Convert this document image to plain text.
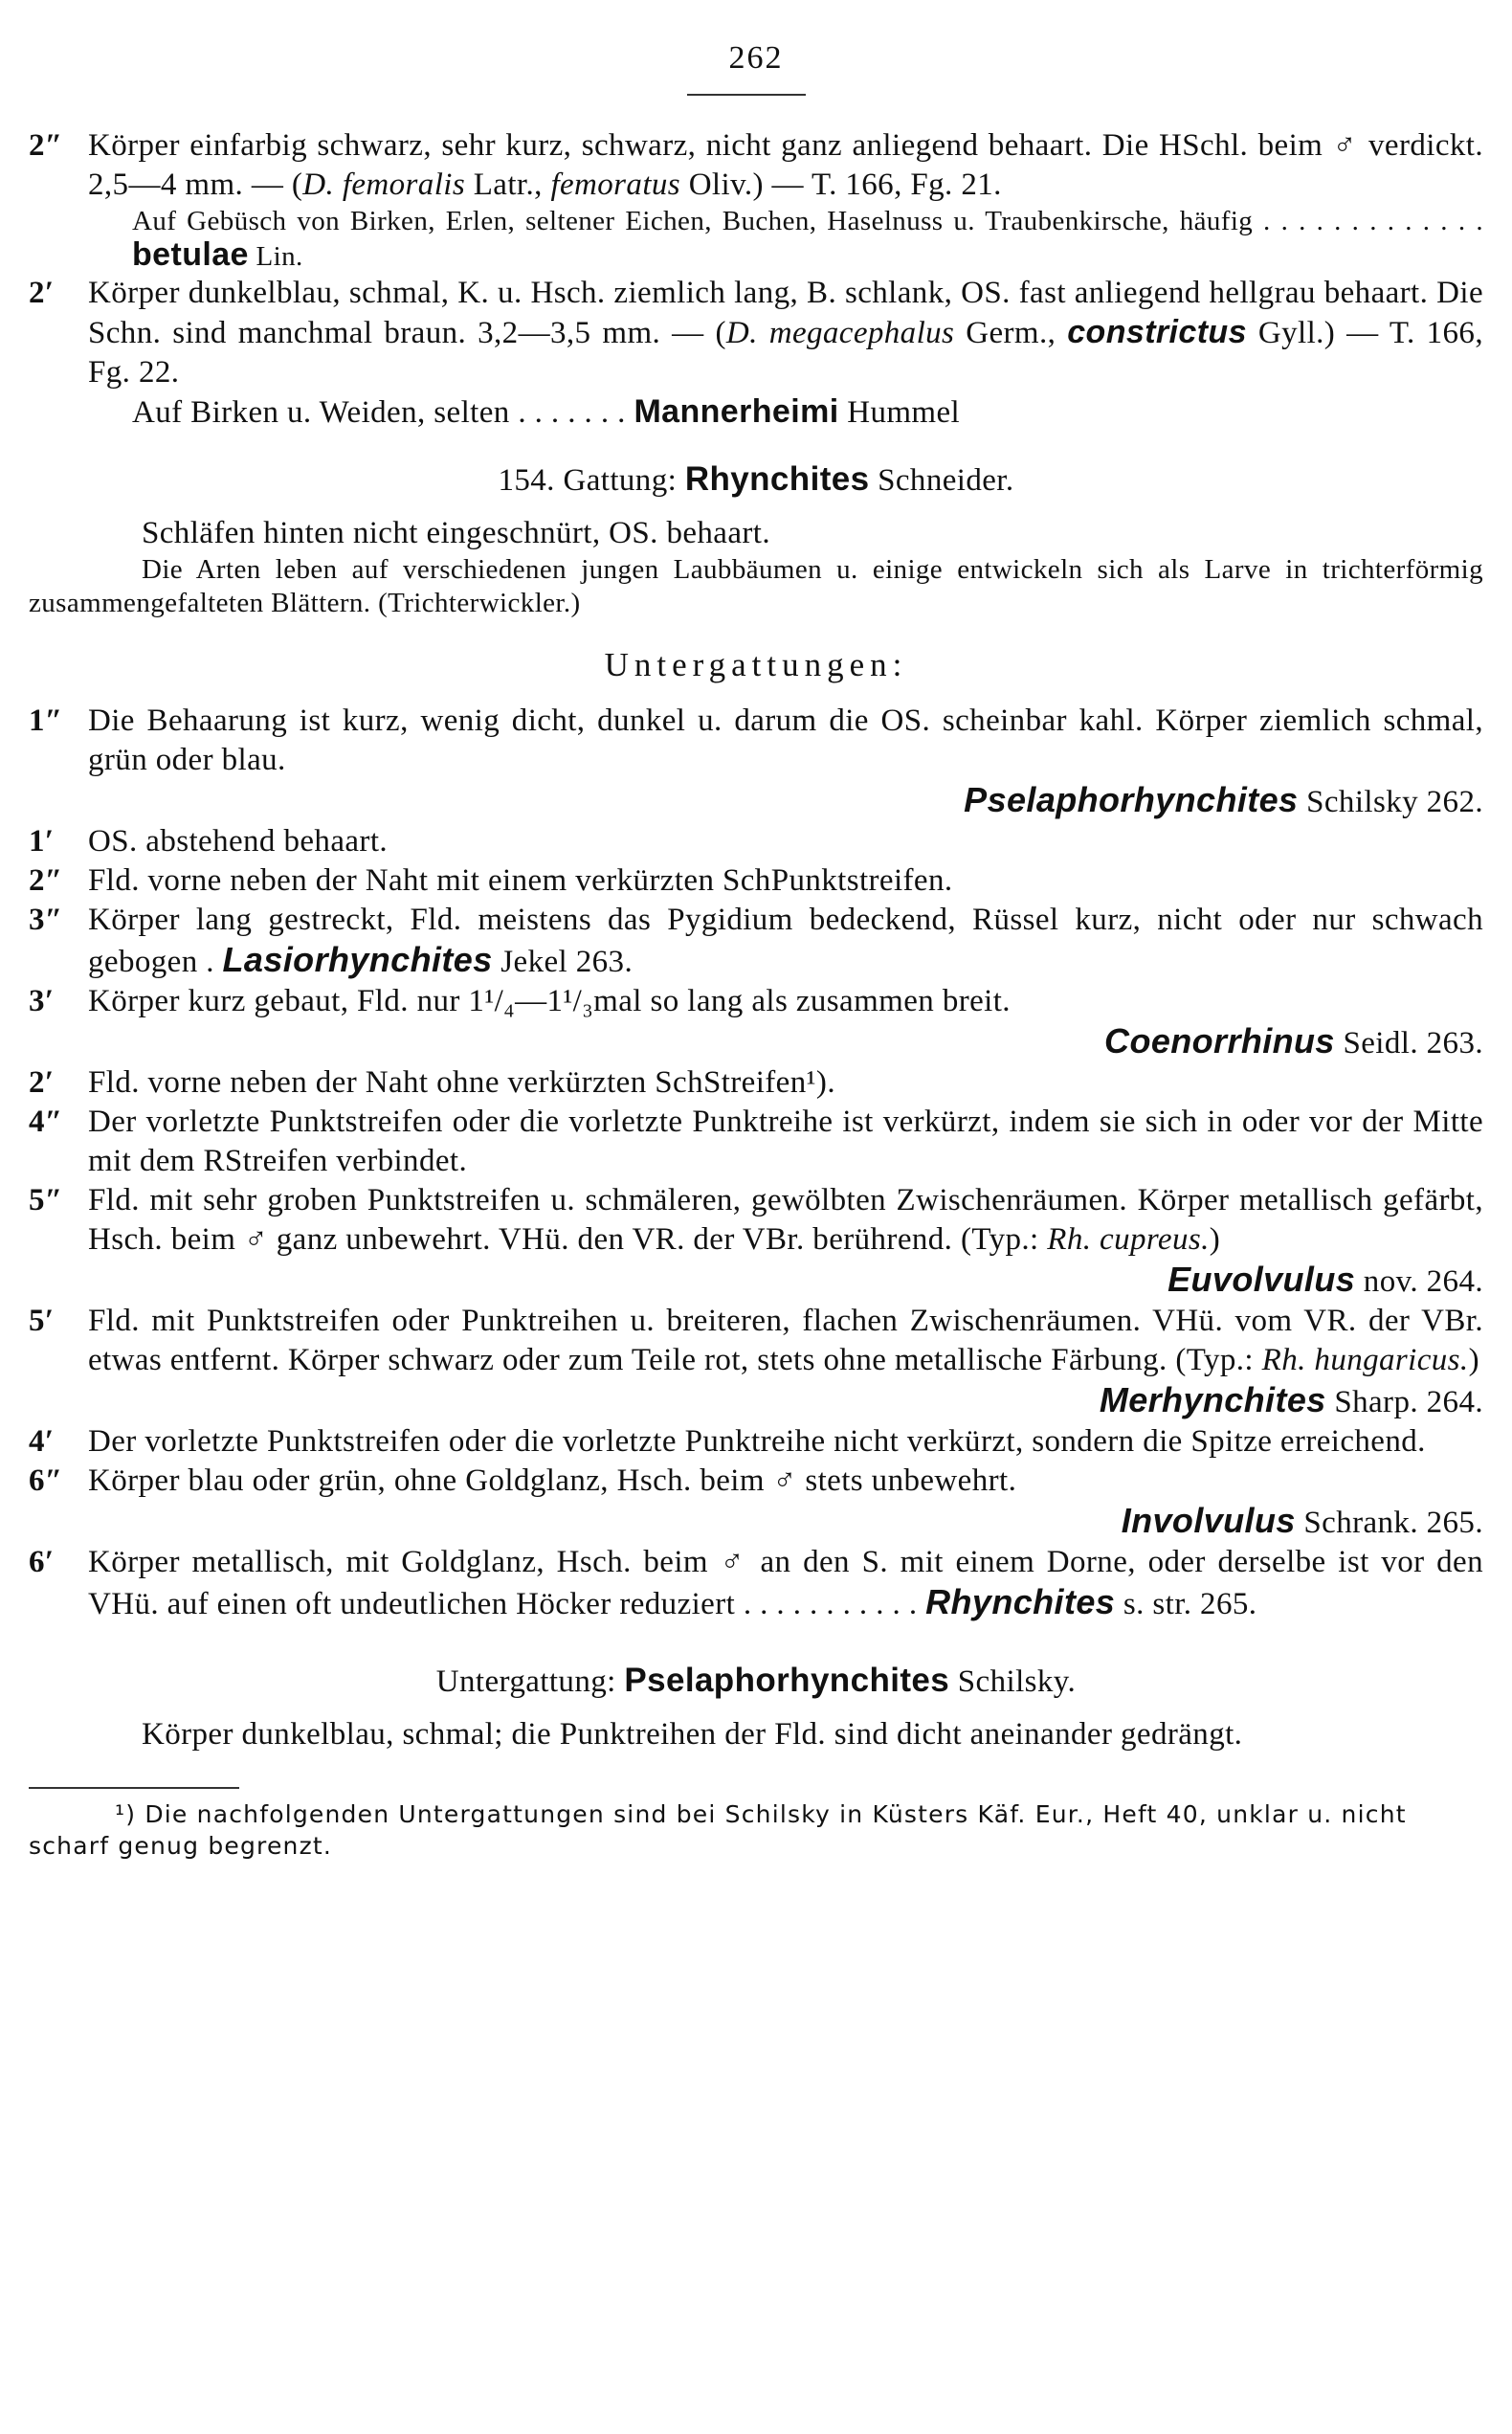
262
2″ Körper einfarbig schwarz, sehr kurz, schwarz, nicht ganz anliegend behaart. Die HSchl. beim ♂ verdickt. 2,5—4 mm. — (D. femoralis Latr., femoratus Oliv.) — T. 166, Fg. 21.
Auf Gebüsch von Birken, Erlen, seltener Eichen, Buchen, Haselnuss u. Traubenkirsche, häufig . . . . . . . . . . . . . betulae Lin.
2′	Körper dunkelblau, schmal, K. u. Hsch. ziemlich lang, B. schlank, OS. fast anliegend hellgrau behaart. Die Schn. sind manchmal braun. 3,2—3,5 mm. — (D. megacephalus Germ., constrictus Gyll.) — T. 166, Fg. 22.
Auf Birken u. Weiden, selten . . . . . . . Mannerheimi Hummel
154. Gattung: Rhynchites Schneider.
Schläfen hinten nicht eingeschnürt, OS. behaart.
Die Arten leben auf verschiedenen jungen Laubbäumen u. einige entwickeln sich als Larve in trichterförmig zusammengefalteten Blättern. (Trichterwickler.)
Untergattungen:
1″ Die Behaarung ist kurz, wenig dicht, dunkel u. darum die OS. scheinbar kahl. Körper ziemlich schmal, grün oder blau.
Pselaphorhynchites Schilsky 262.
1′	OS. abstehend behaart.
2″ Fld. vorne neben der Naht mit einem verkürzten SchPunktstreifen.
3″ Körper lang gestreckt, Fld. meistens das Pygidium bedeckend, Rüssel kurz, nicht oder nur schwach gebogen . Lasiorhynchites Jekel 263.
3′	Körper kurz gebaut, Fld. nur 1¹/₄—1¹/₃mal so lang als zusammen breit.
Coenorrhinus Seidl. 263.
2′	Fld. vorne neben der Naht ohne verkürzten SchStreifen¹).
4″ Der vorletzte Punktstreifen oder die vorletzte Punktreihe ist verkürzt, indem sie sich in oder vor der Mitte mit dem RStreifen verbindet.
5″ Fld. mit sehr groben Punktstreifen u. schmäleren, gewölbten Zwischenräumen. Körper metallisch gefärbt, Hsch. beim ♂ ganz unbewehrt. VHü. den VR. der VBr. berührend. (Typ.: Rh. cupreus.)
Euvolvulus nov. 264.
5′	Fld. mit Punktstreifen oder Punktreihen u. breiteren, flachen Zwischenräumen. VHü. vom VR. der VBr. etwas entfernt. Körper schwarz oder zum Teile rot, stets ohne metallische Färbung. (Typ.: Rh. hungaricus.)
Merhynchites Sharp. 264.
4′	Der vorletzte Punktstreifen oder die vorletzte Punktreihe nicht verkürzt, sondern die Spitze erreichend.
6″ Körper blau oder grün, ohne Goldglanz, Hsch. beim ♂ stets unbewehrt.
Involvulus Schrank. 265.
6′	Körper metallisch, mit Goldglanz, Hsch. beim ♂ an den S. mit einem Dorne, oder derselbe ist vor den VHü. auf einen oft undeutlichen Höcker reduziert . . . . . . . . . . . Rhynchites s. str. 265.
Untergattung: Pselaphorhynchites Schilsky.
Körper dunkelblau, schmal; die Punktreihen der Fld. sind dicht aneinander gedrängt.
¹) Die nachfolgenden Untergattungen sind bei Schilsky in Küsters Käf. Eur., Heft 40, unklar u. nicht scharf genug begrenzt.
